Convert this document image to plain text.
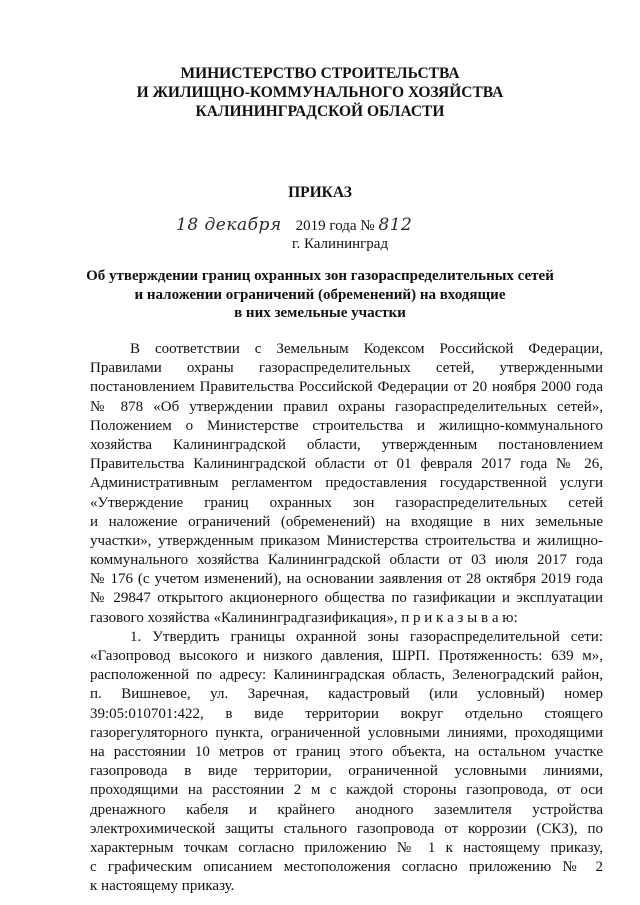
МИНИСТЕРСТВО СТРОИТЕЛЬСТВА
И ЖИЛИЩНО-КОММУНАЛЬНОГО ХОЗЯЙСТВА
КАЛИНИНГРАДСКОЙ ОБЛАСТИ
ПРИКАЗ
18 декабря 2019 года № 812
г. Калининград
Об утверждении границ охранных зон газораспределительных сетей
и наложении ограничений (обременений) на входящие
в них земельные участки
В соответствии с Земельным Кодексом Российской Федерации,
Правилами охраны газораспределительных сетей, утвержденными
постановлением Правительства Российской Федерации от 20 ноября 2000 года
№ 878 «Об утверждении правил охраны газораспределительных сетей»,
Положением о Министерстве строительства и жилищно-коммунального
хозяйства Калининградской области, утвержденным постановлением
Правительства Калининградской области от 01 февраля 2017 года № 26,
Административным регламентом предоставления государственной услуги
«Утверждение границ охранных зон газораспределительных сетей
и наложение ограничений (обременений) на входящие в них земельные
участки», утвержденным приказом Министерства строительства и жилищно-
коммунального хозяйства Калининградской области от 03 июля 2017 года
№ 176 (с учетом изменений), на основании заявления от 28 октября 2019 года
№ 29847 открытого акционерного общества по газификации и эксплуатации
газового хозяйства «Калининградгазификация», п р и к а з ы в а ю:
1. Утвердить границы охранной зоны газораспределительной сети:
«Газопровод высокого и низкого давления, ШРП. Протяженность: 639 м»,
расположенной по адресу: Калининградская область, Зеленоградский район,
п. Вишневое, ул. Заречная, кадастровый (или условный) номер
39:05:010701:422, в виде территории вокруг отдельно стоящего
газорегуляторного пункта, ограниченной условными линиями, проходящими
на расстоянии 10 метров от границ этого объекта, на остальном участке
газопровода в виде территории, ограниченной условными линиями,
проходящими на расстоянии 2 м с каждой стороны газопровода, от оси
дренажного кабеля и крайнего анодного заземлителя устройства
электрохимической защиты стального газопровода от коррозии (СКЗ), по
характерным точкам согласно приложению № 1 к настоящему приказу,
с графическим описанием местоположения согласно приложению № 2
к настоящему приказу.
